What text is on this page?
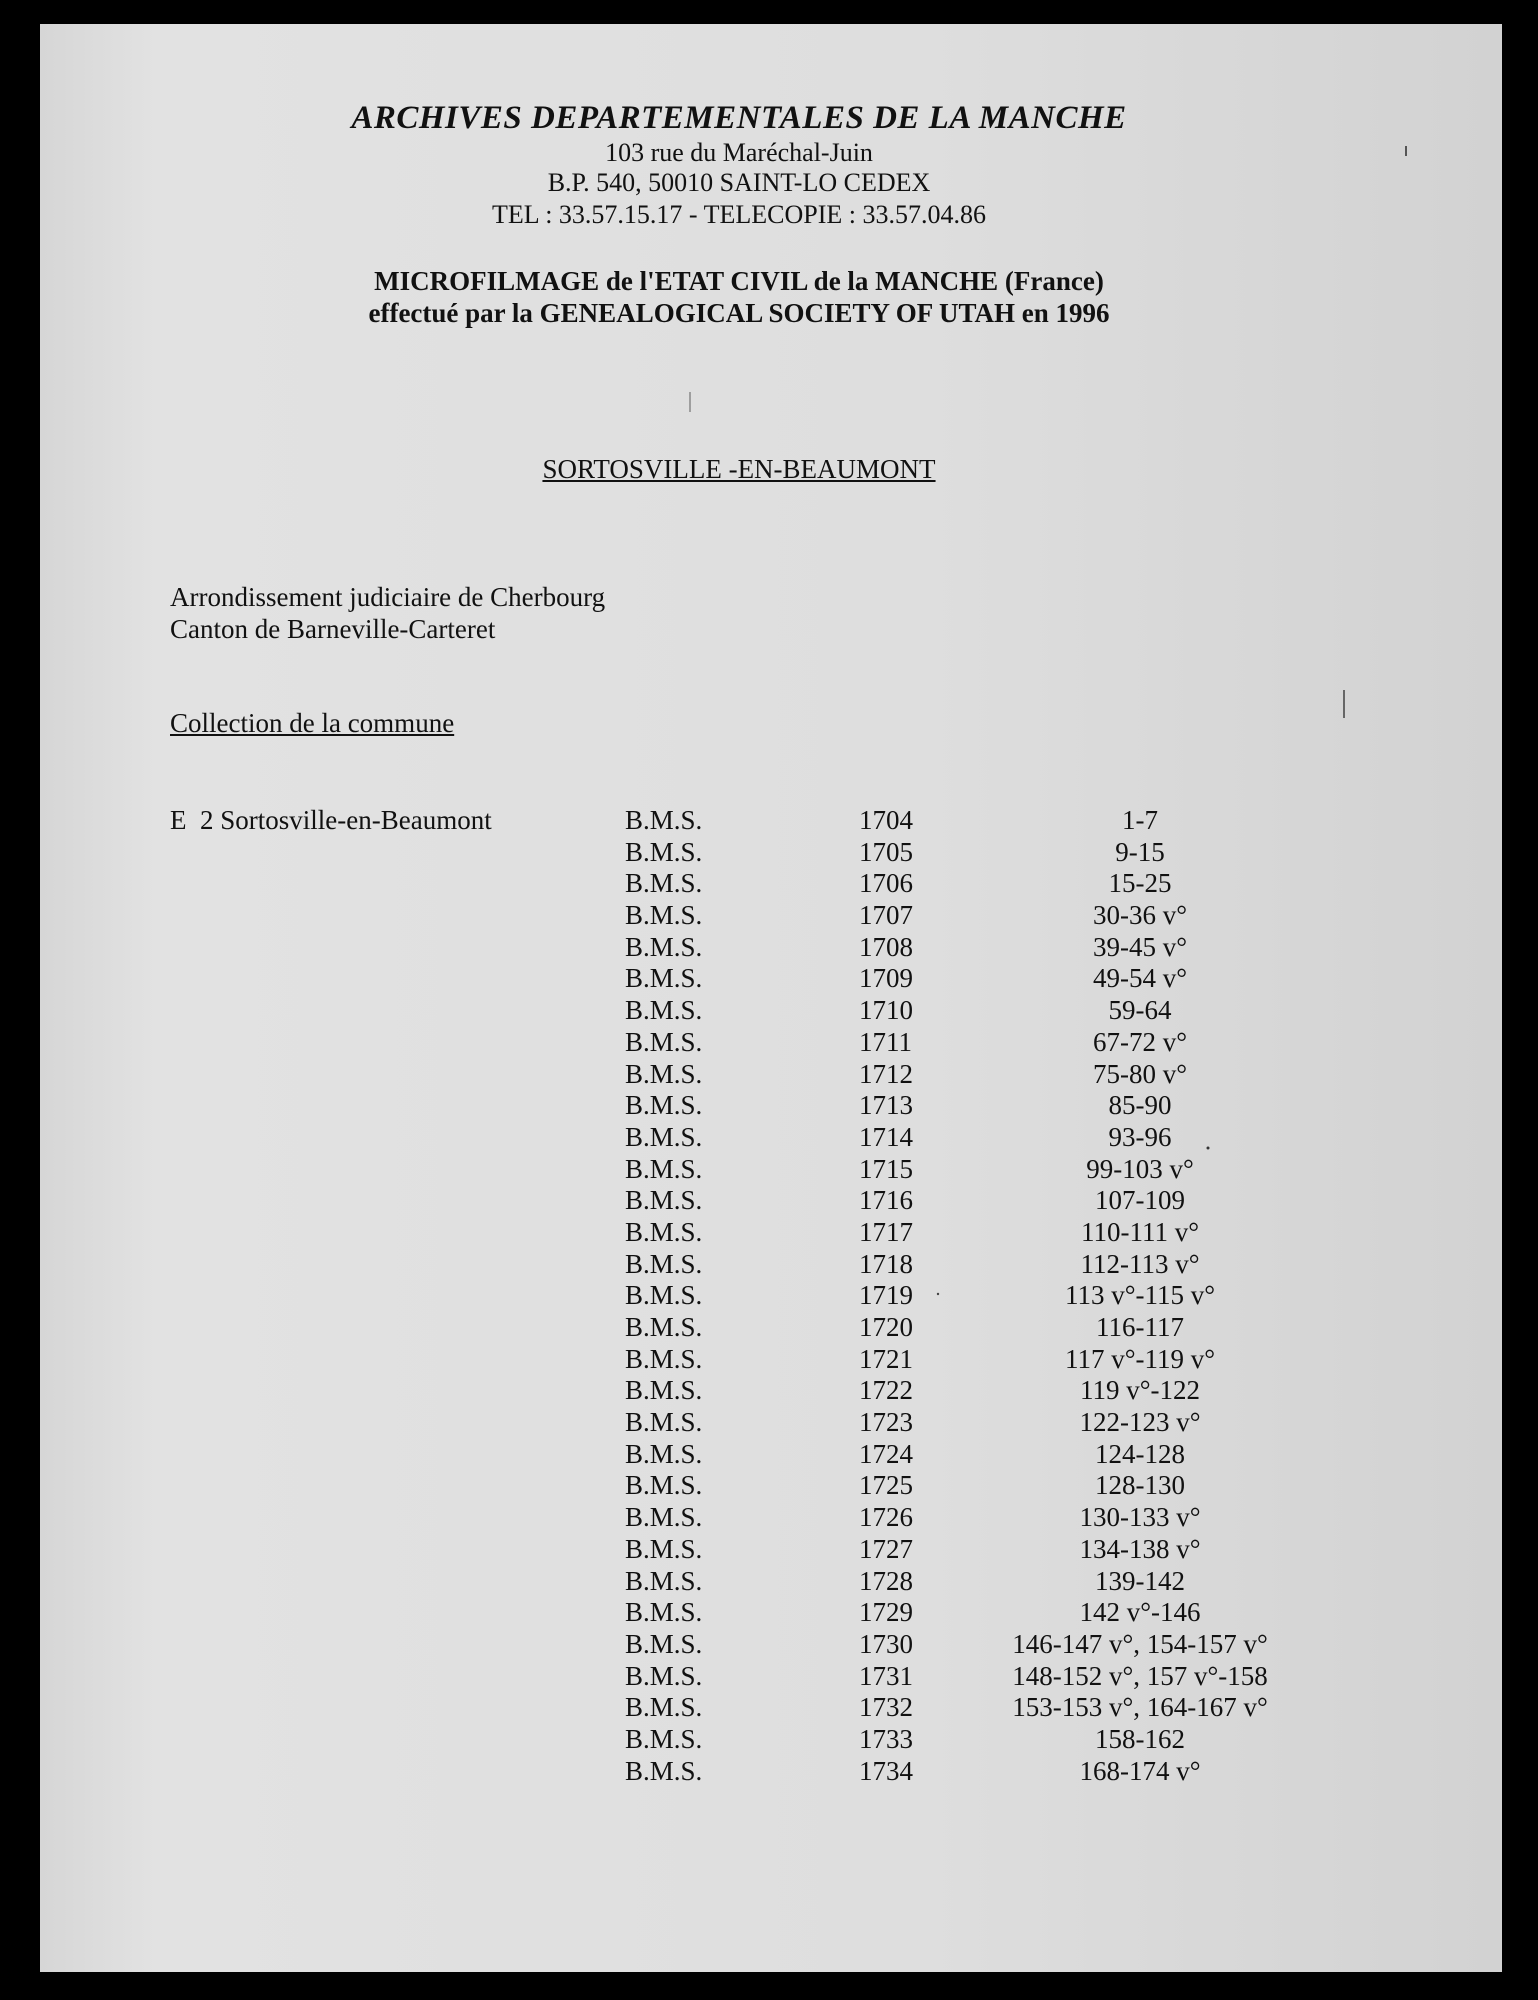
ARCHIVES DEPARTEMENTALES DE LA MANCHE
103 rue du Maréchal-Juin
B.P. 540, 50010 SAINT-LO CEDEX
TEL : 33.57.15.17 - TELECOPIE : 33.57.04.86
MICROFILMAGE de l'ETAT CIVIL de la MANCHE (France)
effectué par la GENEALOGICAL SOCIETY OF UTAH en 1996
SORTOSVILLE -EN-BEAUMONT
Arrondissement judiciaire de Cherbourg
Canton de Barneville-Carteret
Collection de la commune
E  2 Sortosville-en-Beaumont	B.M.S.	1704	1-7
B.M.S.	1705	9-15
B.M.S.	1706	15-25
B.M.S.	1707	30-36 v°
B.M.S.	1708	39-45 v°
B.M.S.	1709	49-54 v°
B.M.S.	1710	59-64
B.M.S.	1711	67-72 v°
B.M.S.	1712	75-80 v°
B.M.S.	1713	85-90
B.M.S.	1714	93-96
B.M.S.	1715	99-103 v°
B.M.S.	1716	107-109
B.M.S.	1717	110-111 v°
B.M.S.	1718	112-113 v°
B.M.S.	1719	113 v°-115 v°
B.M.S.	1720	116-117
B.M.S.	1721	117 v°-119 v°
B.M.S.	1722	119 v°-122
B.M.S.	1723	122-123 v°
B.M.S.	1724	124-128
B.M.S.	1725	128-130
B.M.S.	1726	130-133 v°
B.M.S.	1727	134-138 v°
B.M.S.	1728	139-142
B.M.S.	1729	142 v°-146
B.M.S.	1730	146-147 v°, 154-157 v°
B.M.S.	1731	148-152 v°, 157 v°-158
B.M.S.	1732	153-153 v°, 164-167 v°
B.M.S.	1733	158-162
B.M.S.	1734	168-174 v°
